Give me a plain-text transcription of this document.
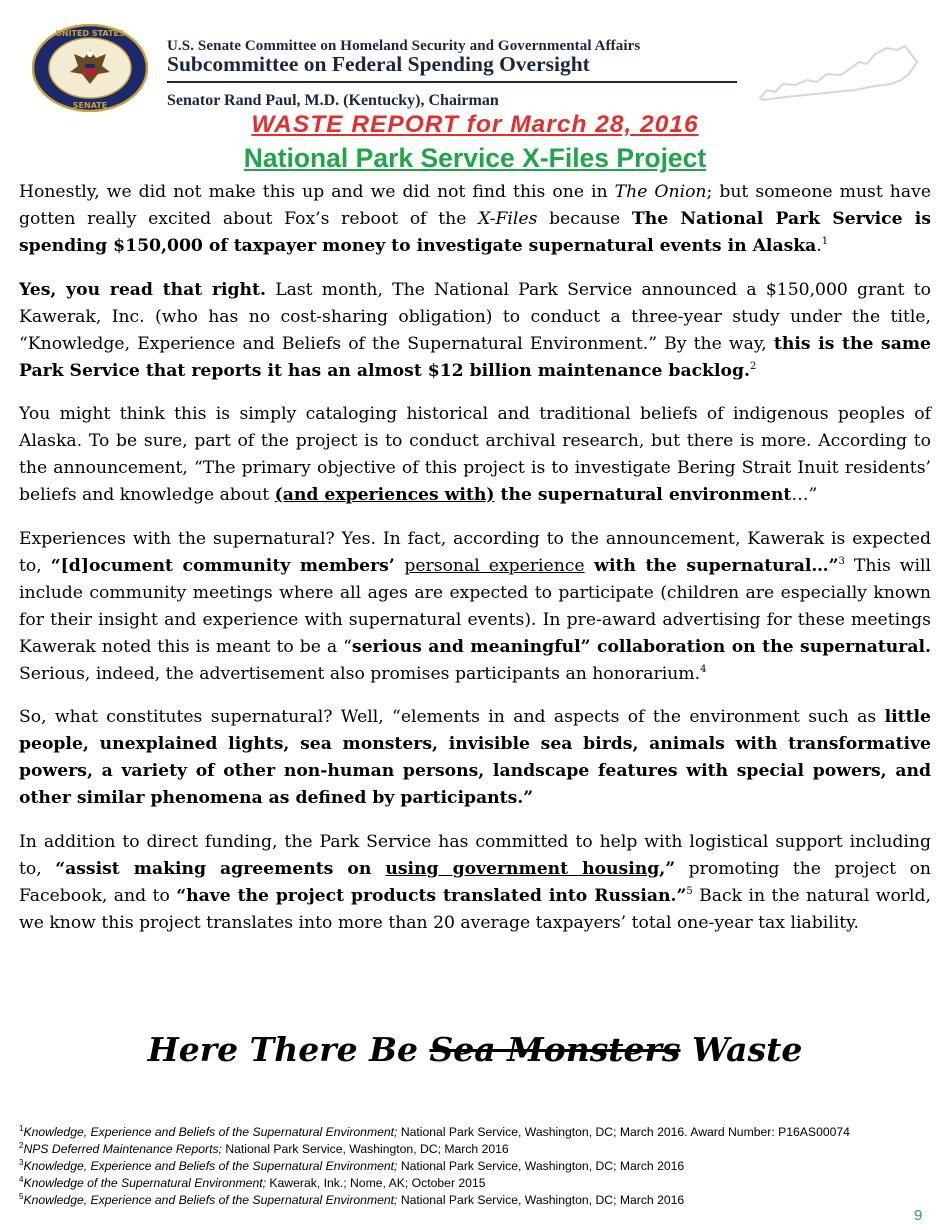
UNITED STATES
SENATE
U.S. Senate Committee on Homeland Security and Governmental Affairs
Subcommittee on Federal Spending Oversight
Senator Rand Paul, M.D. (Kentucky), Chairman
WASTE REPORT for March 28, 2016
National Park Service X-Files Project

Honestly, we did not make this up and we did not find this one in The Onion; but someone must have gotten really excited about Fox’s reboot of the X-Files because The National Park Service is spending $150,000 of taxpayer money to investigate supernatural events in Alaska.$^1$

Yes, you read that right. Last month, The National Park Service announced a $150,000 grant to Kawerak, Inc. (who has no cost-sharing obligation) to conduct a three-year study under the title, “Knowledge, Experience and Beliefs of the Supernatural Environment.” By the way, this is the same Park Service that reports it has an almost $12 billion maintenance backlog.$^2$

You might think this is simply cataloging historical and traditional beliefs of indigenous peoples of Alaska. To be sure, part of the project is to conduct archival research, but there is more. According to the announcement, “The primary objective of this project is to investigate Bering Strait Inuit residents’ beliefs and knowledge about (and experiences with) the supernatural environment…”

Experiences with the supernatural? Yes. In fact, according to the announcement, Kawerak is expected to, “[d]ocument community members’ personal experience with the supernatural…”$^3$ This will include community meetings where all ages are expected to participate (children are especially known for their insight and experience with supernatural events). In pre-award advertising for these meetings Kawerak noted this is meant to be a “serious and meaningful” collaboration on the supernatural. Serious, indeed, the advertisement also promises participants an honorarium.$^4$

So, what constitutes supernatural? Well, “elements in and aspects of the environment such as little people, unexplained lights, sea monsters, invisible sea birds, animals with transformative powers, a variety of other non-human persons, landscape features with special powers, and other similar phenomena as defined by participants.”

In addition to direct funding, the Park Service has committed to help with logistical support including to, “assist making agreements on using government housing,” promoting the project on Facebook, and to “have the project products translated into Russian.”$^5$ Back in the natural world, we know this project translates into more than 20 average taxpayers’ total one-year tax liability.

Here There Be Sea Monsters Waste
$^1$Knowledge, Experience and Beliefs of the Supernatural Environment; National Park Service, Washington, DC; March 2016. Award Number: P16AS00074
$^2$NPS Deferred Maintenance Reports; National Park Service, Washington, DC; March 2016
$^3$Knowledge, Experience and Beliefs of the Supernatural Environment; National Park Service, Washington, DC; March 2016
$^4$Knowledge of the Supernatural Environment; Kawerak, Ink.; Nome, AK; October 2015
$^5$Knowledge, Experience and Beliefs of the Supernatural Environment; National Park Service, Washington, DC; March 2016
9
